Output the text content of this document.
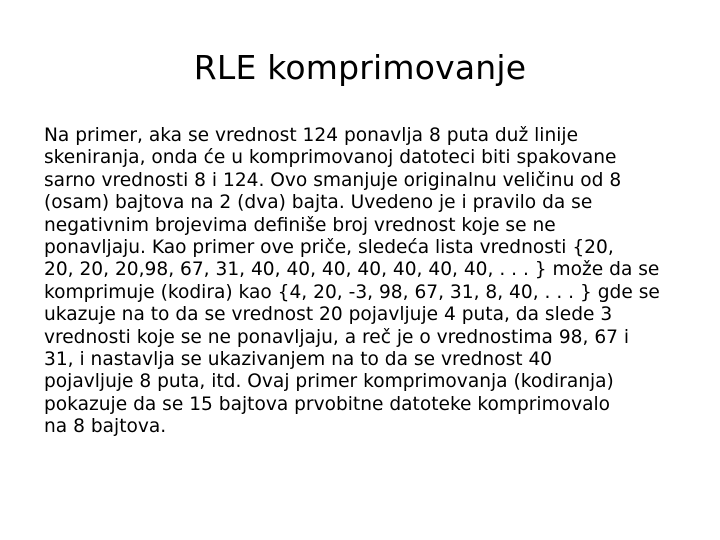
RLE komprimovanje
Na primer, aka se vrednost 124 ponavlja 8 puta duž linije
skeniranja, onda će u komprimovanoj datoteci biti spakovane
sarno vrednosti 8 i 124. Ovo smanjuje originalnu veličinu od 8
(osam) bajtova na 2 (dva) bajta. Uvedeno je i pravilo da se
negativnim brojevima definiše broj vrednost koje se ne
ponavljaju. Kao primer ove priče, sledeća lista vrednosti {20,
20, 20, 20,98, 67, 31, 40, 40, 40, 40, 40, 40, 40, . . . } može da se
komprimuje (kodira) kao {4, 20, -3, 98, 67, 31, 8, 40, . . . } gde se
ukazuje na to da se vrednost 20 pojavljuje 4 puta, da slede 3
vrednosti koje se ne ponavljaju, a reč je o vrednostima 98, 67 i
31, i nastavlja se ukazivanjem na to da se vrednost 40
pojavljuje 8 puta, itd. Ovaj primer komprimovanja (kodiranja)
pokazuje da se 15 bajtova prvobitne datoteke komprimovalo
na 8 bajtova.
